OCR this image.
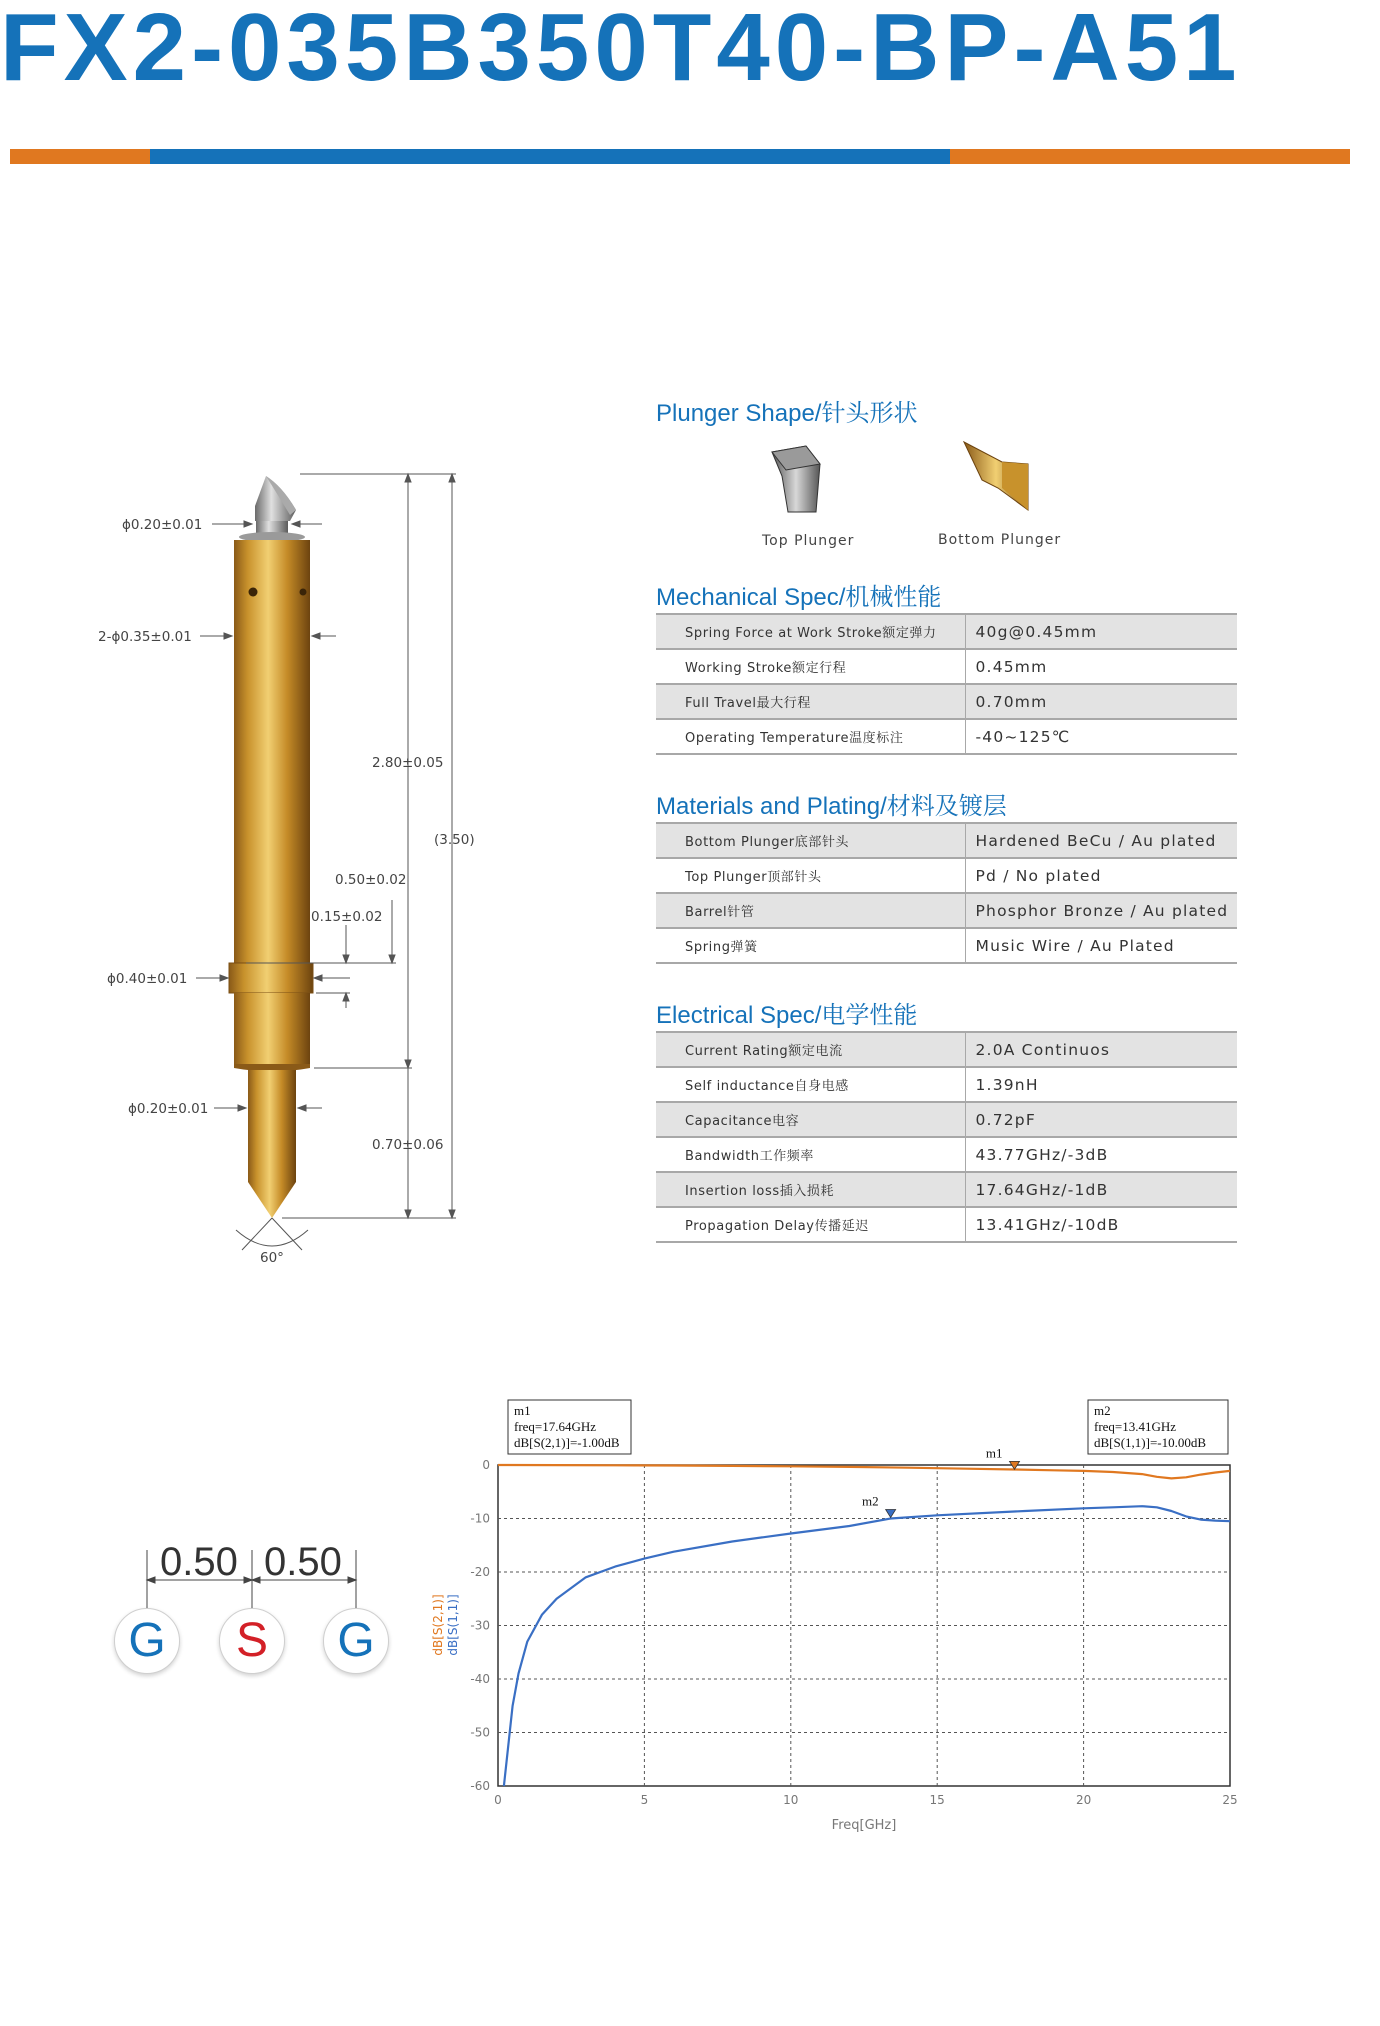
FX2-035B350T40-BP-A51
ϕ0.20±0.01
2-ϕ0.35±0.01
2.80±0.05
(3.50)
0.50±0.02
0.15±0.02
ϕ0.40±0.01
ϕ0.20±0.01
0.70±0.06
60°
Plunger Shape/针头形状
Top Plunger	Bottom Plunger
Mechanical Spec/机械性能
Spring Force at Work Stroke额定弹力	40g@0.45mm
Working Stroke额定行程	0.45mm
Full Travel最大行程	0.70mm
Operating Temperature温度标注	-40~125℃
Materials and Plating/材料及镀层
Bottom Plunger底部针头	Hardened BeCu / Au plated
Top Plunger顶部针头	Pd / No plated
Barrel针管	Phosphor Bronze / Au plated
Spring弹簧	Music Wire / Au Plated
Electrical Spec/电学性能
Current Rating额定电流	2.0A Continuos
Self inductance自身电感	1.39nH
Capacitance电容	0.72pF
Bandwidth工作频率	43.77GHz/-3dB
Insertion loss插入损耗	17.64GHz/-1dB
Propagation Delay传播延迟	13.41GHz/-10dB
0.50 0.50
G	S	G
0
-10
-20
-30
-40
-50
-60
0	5	10	15	20	25
m1
m2
m1
freq=17.64GHz
dB[S(2,1)]=-1.00dB
m2
freq=13.41GHz
dB[S(1,1)]=-10.00dB
Freq[GHz]
dB[S(2,1)] dB[S(1,1)]
